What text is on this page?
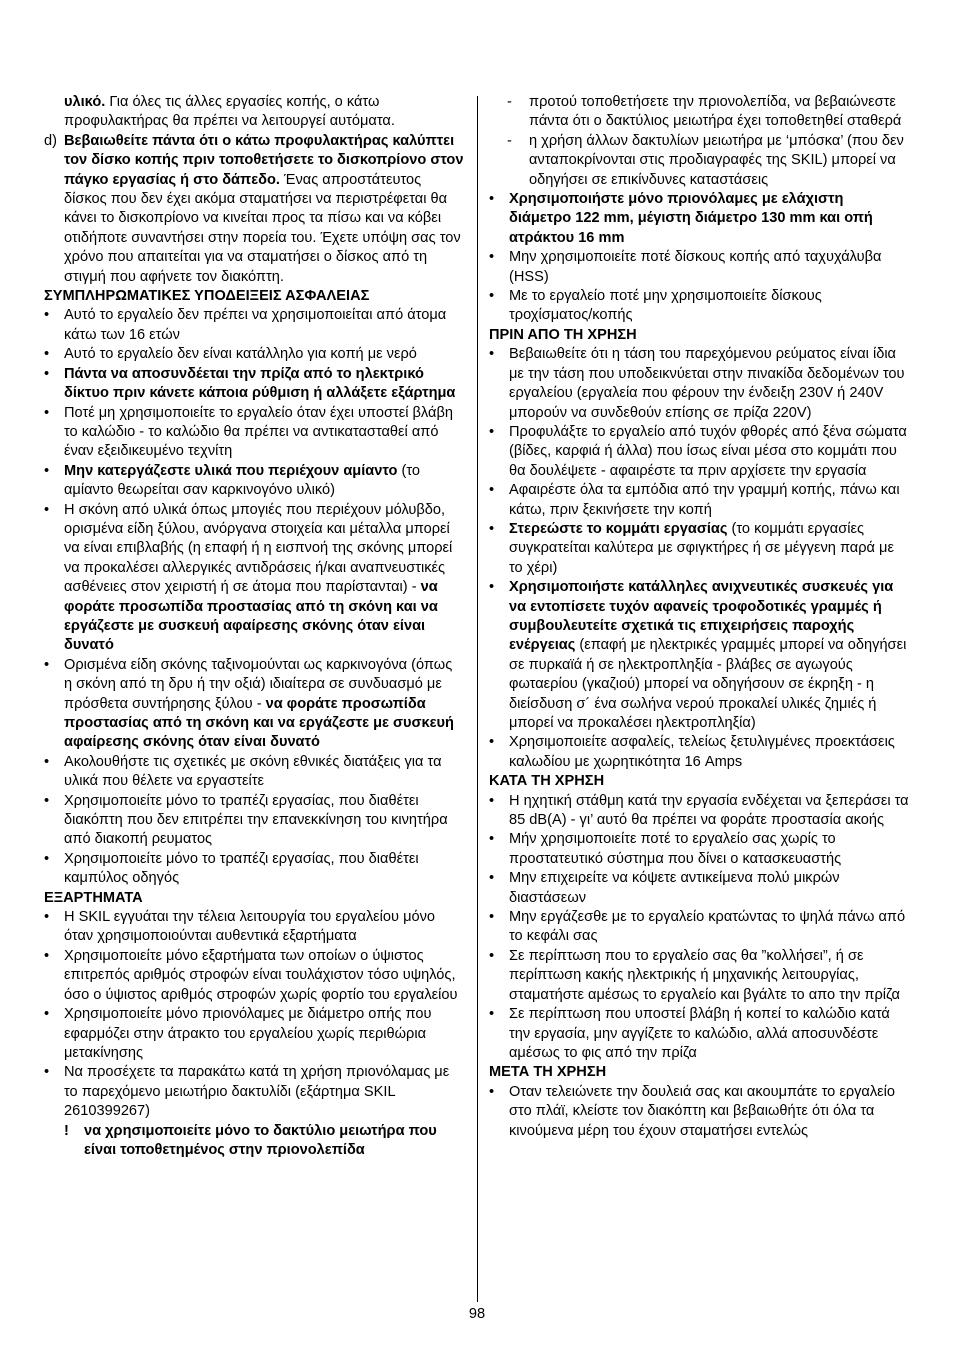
υλικό. Για όλες τις άλλες εργασίες κοπής, ο κάτω προφυλακτήρας θα πρέπει να λειτουργεί αυτόματα.

d) Βεβαιωθείτε πάντα ότι ο κάτω προφυλακτήρας καλύπτει τον δίσκο κοπής πριν τοποθετήσετε το δισκοπρίονο στον πάγκο εργασίας ή στο δάπεδο. Ένας απροστάτευτος δίσκος που δεν έχει ακόμα σταματήσει να περιστρέφεται θα κάνει το δισκοπρίονο να κινείται προς τα πίσω και να κόβει οτιδήποτε συναντήσει στην πορεία του. Έχετε υπόψη σας τον χρόνο που απαιτείται για να σταματήσει ο δίσκος από τη στιγμή που αφήνετε τον διακόπτη.

ΣΥΜΠΛΗΡΩΜΑΤΙΚΕΣ ΥΠΟΔΕΙΞΕΙΣ ΑΣΦΑΛΕΙΑΣ

• Αυτό το εργαλείο δεν πρέπει να χρησιμοποιείται από άτομα κάτω των 16 ετών
• Αυτό το εργαλείο δεν είναι κατάλληλο για κοπή με νερό
• Πάντα να αποσυνδέεται την πρίζα από το ηλεκτρικό δίκτυο πριν κάνετε κάποια ρύθμιση ή αλλάξετε εξάρτημα
• Ποτέ μη χρησιμοποιείτε το εργαλείο όταν έχει υποστεί βλάβη το καλώδιο - το καλώδιο θα πρέπει να αντικατασταθεί από έναν εξειδικευμένο τεχνίτη
• Μην κατεργάζεστε υλικά που περιέχουν αμίαντο (το αμίαντο θεωρείται σαν καρκινογόνο υλικό)
• Η σκόνη από υλικά όπως μπογιές που περιέχουν μόλυβδο, ορισμένα είδη ξύλου, ανόργανα στοιχεία και μέταλλα μπορεί να είναι επιβλαβής (η επαφή ή η εισπνοή της σκόνης μπορεί να προκαλέσει αλλεργικές αντιδράσεις ή/και αναπνευστικές ασθένειες στον χειριστή ή σε άτομα που παρίστανται) - να φοράτε προσωπίδα προστασίας από τη σκόνη και να εργάζεστε με συσκευή αφαίρεσης σκόνης όταν είναι δυνατό
• Ορισμένα είδη σκόνης ταξινομούνται ως καρκινογόνα (όπως η σκόνη από τη δρυ ή την οξιά) ιδιαίτερα σε συνδυασμό με πρόσθετα συντήρησης ξύλου - να φοράτε προσωπίδα προστασίας από τη σκόνη και να εργάζεστε με συσκευή αφαίρεσης σκόνης όταν είναι δυνατό
• Ακολουθήστε τις σχετικές με σκόνη εθνικές διατάξεις για τα υλικά που θέλετε να εργαστείτε
• Χρησιμοποιείτε μόνο το τραπέζι εργασίας, που διαθέτει διακόπτη που δεν επιτρέπει την επανεκκίνηση του κινητήρα από διακοπή ρευματος
• Χρησιμοποιείτε μόνο το τραπέζι εργασίας, που διαθέτει καμπύλος οδηγός

ΕΞΑΡΤΗΜΑΤΑ

• Η SKIL εγγυάται την τέλεια λειτουργία του εργαλείου μόνο όταν χρησιμοποιούνται αυθεντικά εξαρτήματα
• Χρησιμοποιείτε μόνο εξαρτήματα των οποίων ο ύψιστος επιτρεπός αριθμός στροφών είναι τουλάχιστον τόσο υψηλός, όσο ο ύψιστος αριθμός στροφών χωρίς φορτίο του εργαλείου
• Χρησιμοποιείτε μόνο πριονόλαμες με διάμετρο οπής που εφαρμόζει στην άτρακτο του εργαλείου χωρίς περιθώρια μετακίνησης
• Να προσέχετε τα παρακάτω κατά τη χρήση πριονόλαμας με το παρεχόμενο μειωτήριο δακτυλίδι (εξάρτημα SKIL 2610399267)
! να χρησιμοποιείτε μόνο το δακτύλιο μειωτήρα που είναι τοποθετημένος στην πριονολεπίδα
- προτού τοποθετήσετε την πριονολεπίδα, να βεβαιώνεστε πάντα ότι ο δακτύλιος μειωτήρα έχει τοποθετηθεί σταθερά
- η χρήση άλλων δακτυλίων μειωτήρα με ‘μπόσκα’ (που δεν ανταποκρίνονται στις προδιαγραφές της SKIL) μπορεί να οδηγήσει σε επικίνδυνες καταστάσεις
• Χρησιμοποιήστε μόνο πριονόλαμες με ελάχιστη διάμετρο 122 mm, μέγιστη διάμετρο 130 mm και οπή ατράκτου 16 mm
• Μην χρησιμοποιείτε ποτέ δίσκους κοπής από ταχυχάλυβα (HSS)
• Με το εργαλείο ποτέ μην χρησιμοποιείτε δίσκους τροχίσματος/κοπής

ΠΡΙΝ ΑΠΟ ΤΗ ΧΡΗΣΗ

• Βεβαιωθείτε ότι η τάση του παρεχόμενου ρεύματος είναι ίδια με την τάση που υποδεικνύεται στην πινακίδα δεδομένων του εργαλείου (εργαλεία που φέρουν την ένδειξη 230V ή 240V μπορούν να συνδεθούν επίσης σε πρίζα 220V)
• Προφυλάξτε το εργαλείο από τυχόν φθορές από ξένα σώματα (βίδες, καρφιά ή άλλα) που ίσως είναι μέσα στο κομμάτι που θα δουλέψετε - αφαιρέστε τα πριν αρχίσετε την εργασία
• Αφαιρέστε όλα τα εμπόδια από την γραμμή κοπής, πάνω και κάτω, πριν ξεκινήσετε την κοπή
• Στερεώστε το κομμάτι εργασίας (το κομμάτι εργασίες συγκρατείται καλύτερα με σφιγκτήρες ή σε μέγγενη παρά με το χέρι)
• Χρησιμοποιήστε κατάλληλες ανιχνευτικές συσκευές για να εντοπίσετε τυχόν αφανείς τροφοδοτικές γραμμές ή συμβουλευτείτε σχετικά τις επιχειρήσεις παροχής ενέργειας (επαφή με ηλεκτρικές γραμμές μπορεί να οδηγήσει σε πυρκαϊά ή σε ηλεκτροπληξία - βλάβες σε αγωγούς φωταερίου (γκαζιού) μπορεί να οδηγήσουν σε έκρηξη - η διείσδυση σ´ ένα σωλήνα νερού προκαλεί υλικές ζημιές ή μπορεί να προκαλέσει ηλεκτροπληξία)
• Χρησιμοποιείτε ασφαλείς, τελείως ξετυλιγμένες προεκτάσεις καλωδίου με χωρητικότητα 16 Amps

ΚΑΤΑ ΤΗ ΧΡΗΣΗ

• Η ηχητική στάθμη κατά την εργασία ενδέχεται να ξεπεράσει τα 85 dB(A) - γι’ αυτό θα πρέπει να φοράτε προστασία ακοής
• Μήν χρησιμοποιείτε ποτέ το εργαλείο σας χωρίς το προστατευτικό σύστημα που δίνει ο κατασκευαστής
• Μην επιχειρείτε να κόψετε αντικείμενα πολύ μικρών διαστάσεων
• Μην εργάζεσθε με το εργαλείο κρατώντας το ψηλά πάνω από το κεφάλι σας
• Σε περίπτωση που το εργαλείο σας θα ”κολλήσει”, ή σε περίπτωση κακής ηλεκτρικής ή μηχανικής λειτουργίας, σταματήστε αμέσως το εργαλείο και βγάλτε το απο την πρίζα
• Σε περίπτωση που υποστεί βλάβη ή κοπεί το καλώδιο κατά την εργασία, μην αγγίζετε το καλώδιο, αλλά αποσυνδέστε αμέσως το φις από την πρίζα

ΜΕΤΑ ΤΗ ΧΡΗΣΗ

• Οταν τελειώνετε την δουλειά σας και ακουμπάτε το εργαλείο στο πλάϊ, κλείστε τον διακόπτη και βεβαιωθήτε ότι όλα τα κινούμενα μέρη του έχουν σταματήσει εντελώς
98
